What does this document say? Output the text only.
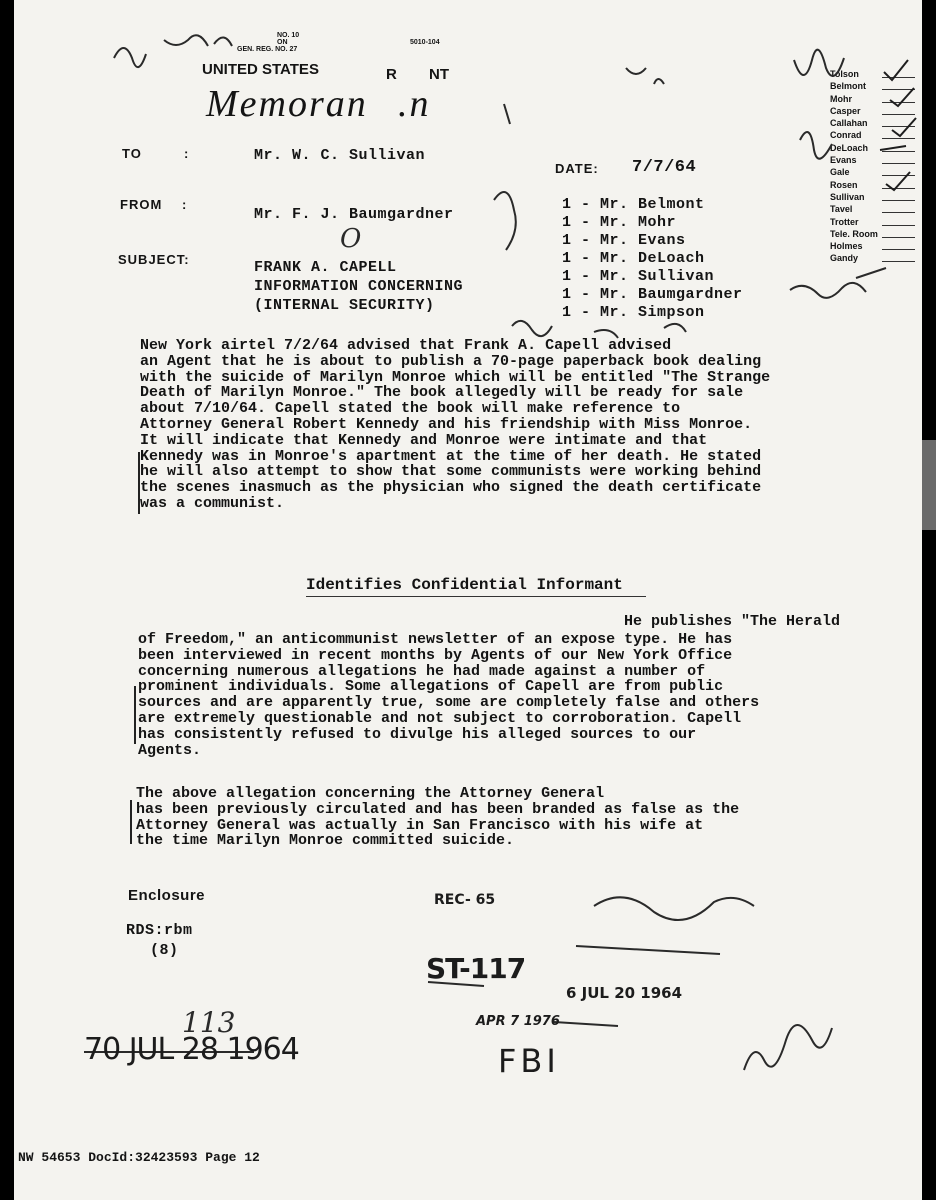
NO. 10
ON
GEN. REG. NO. 27
5010-104
UNITED STATES	R NT
Memoran .n
TO	:	Mr. W. C. Sullivan
DATE: 7/7/64
FROM :
Mr. F. J. Baumgardner
SUBJECT:	FRANK A. CAPELL
INFORMATION CONCERNING
(INTERNAL SECURITY)
1 - Mr. Belmont
1 - Mr. Mohr
1 - Mr. Evans
1 - Mr. DeLoach
1 - Mr. Sullivan
1 - Mr. Baumgardner
1 - Mr. Simpson
Tolson
Belmont
Mohr
Casper
Callahan
Conrad
DeLoach
Evans
Gale
Rosen
Sullivan
Tavel
Trotter
Tele. Room
Holmes
Gandy
New York airtel 7/2/64 advised that Frank A. Capell advised
an Agent that he is about to publish a 70-page paperback book dealing
with the suicide of Marilyn Monroe which will be entitled "The Strange
Death of Marilyn Monroe." The book allegedly will be ready for sale
about 7/10/64. Capell stated the book will make reference to
Attorney General Robert Kennedy and his friendship with Miss Monroe.
It will indicate that Kennedy and Monroe were intimate and that
Kennedy was in Monroe's apartment at the time of her death. He stated
he will also attempt to show that some communists were working behind
the scenes inasmuch as the physician who signed the death certificate
was a communist.
Identifies Confidential Informant
He publishes "The Herald
of Freedom," an anticommunist newsletter of an expose type. He has
been interviewed in recent months by Agents of our New York Office
concerning numerous allegations he had made against a number of
prominent individuals. Some allegations of Capell are from public
sources and are apparently true, some are completely false and others
are extremely questionable and not subject to corroboration. Capell
has consistently refused to divulge his alleged sources to our
Agents.
The above allegation concerning the Attorney General
has been previously circulated and has been branded as false as the
Attorney General was actually in San Francisco with his wife at
the time Marilyn Monroe committed suicide.
Enclosure
RDS:rbm
(8)
REC- 65
ST-117
6 JUL 20 1964
APR 7 1976
FBI
70 JUL 28 1964
113
O
NW 54653 DocId:32423593 Page 12
